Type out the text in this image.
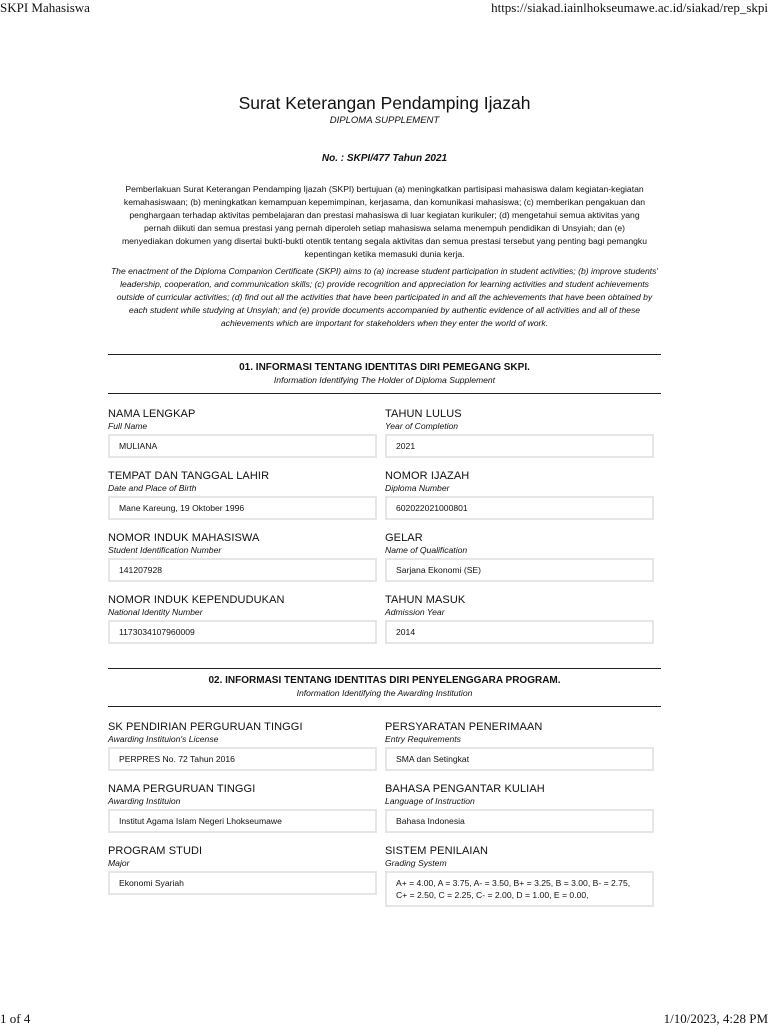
SKPI Mahasiswa	https://siakad.iainlhokseumawe.ac.id/siakad/rep_skpi
Surat Keterangan Pendamping Ijazah
DIPLOMA SUPPLEMENT
No. : SKPI/477 Tahun 2021
Pemberlakuan Surat Keterangan Pendamping Ijazah (SKPI) bertujuan (a) meningkatkan partisipasi mahasiswa dalam kegiatan-kegiatan kemahasiswaan; (b) meningkatkan kemampuan kepemimpinan, kerjasama, dan komunikasi mahasiswa; (c) memberikan pengakuan dan penghargaan terhadap aktivitas pembelajaran dan prestasi mahasiswa di luar kegiatan kurikuler; (d) mengetahui semua aktivitas yang pernah diikuti dan semua prestasi yang pernah diperoleh setiap mahasiswa selama menempuh pendidikan di Unsyiah; dan (e) menyediakan dokumen yang disertai bukti-bukti otentik tentang segala aktivitas dan semua prestasi tersebut yang penting bagi pemangku kepentingan ketika memasuki dunia kerja.
The enactment of the Diploma Companion Certificate (SKPI) aims to (a) increase student participation in student activities; (b) improve students' leadership, cooperation, and communication skills; (c) provide recognition and appreciation for learning activities and student achievements outside of curricular activities; (d) find out all the activities that have been participated in and all the achievements that have been obtained by each student while studying at Unsyiah; and (e) provide documents accompanied by authentic evidence of all activities and all of these achievements which are important for stakeholders when they enter the world of work.
01. INFORMASI TENTANG IDENTITAS DIRI PEMEGANG SKPI.
Information Identifying The Holder of Diploma Supplement
NAMA LENGKAP
Full Name
MULIANA
TAHUN LULUS
Year of Completion
2021
TEMPAT DAN TANGGAL LAHIR
Date and Place of Birth
Mane Kareung, 19 Oktober 1996
NOMOR IJAZAH
Diploma Number
602022021000801
NOMOR INDUK MAHASISWA
Student Identification Number
141207928
GELAR
Name of Qualification
Sarjana Ekonomi (SE)
NOMOR INDUK KEPENDUDUKAN
National Identity Number
1173034107960009
TAHUN MASUK
Admission Year
2014
02. INFORMASI TENTANG IDENTITAS DIRI PENYELENGGARA PROGRAM.
Information Identifying the Awarding Institution
SK PENDIRIAN PERGURUAN TINGGI
Awarding Instituion's License
PERPRES No. 72 Tahun 2016
PERSYARATAN PENERIMAAN
Entry Requirements
SMA dan Setingkat
NAMA PERGURUAN TINGGI
Awarding Instituion
Institut Agama Islam Negeri Lhokseumawe
BAHASA PENGANTAR KULIAH
Language of Instruction
Bahasa Indonesia
PROGRAM STUDI
Major
Ekonomi Syariah
SISTEM PENILAIAN
Grading System
A+ = 4.00, A = 3.75, A- = 3.50, B+ = 3.25, B = 3.00, B- = 2.75, C+ = 2.50, C = 2.25, C- = 2.00, D = 1.00, E = 0.00,
1 of 4	1/10/2023, 4:28 PM
